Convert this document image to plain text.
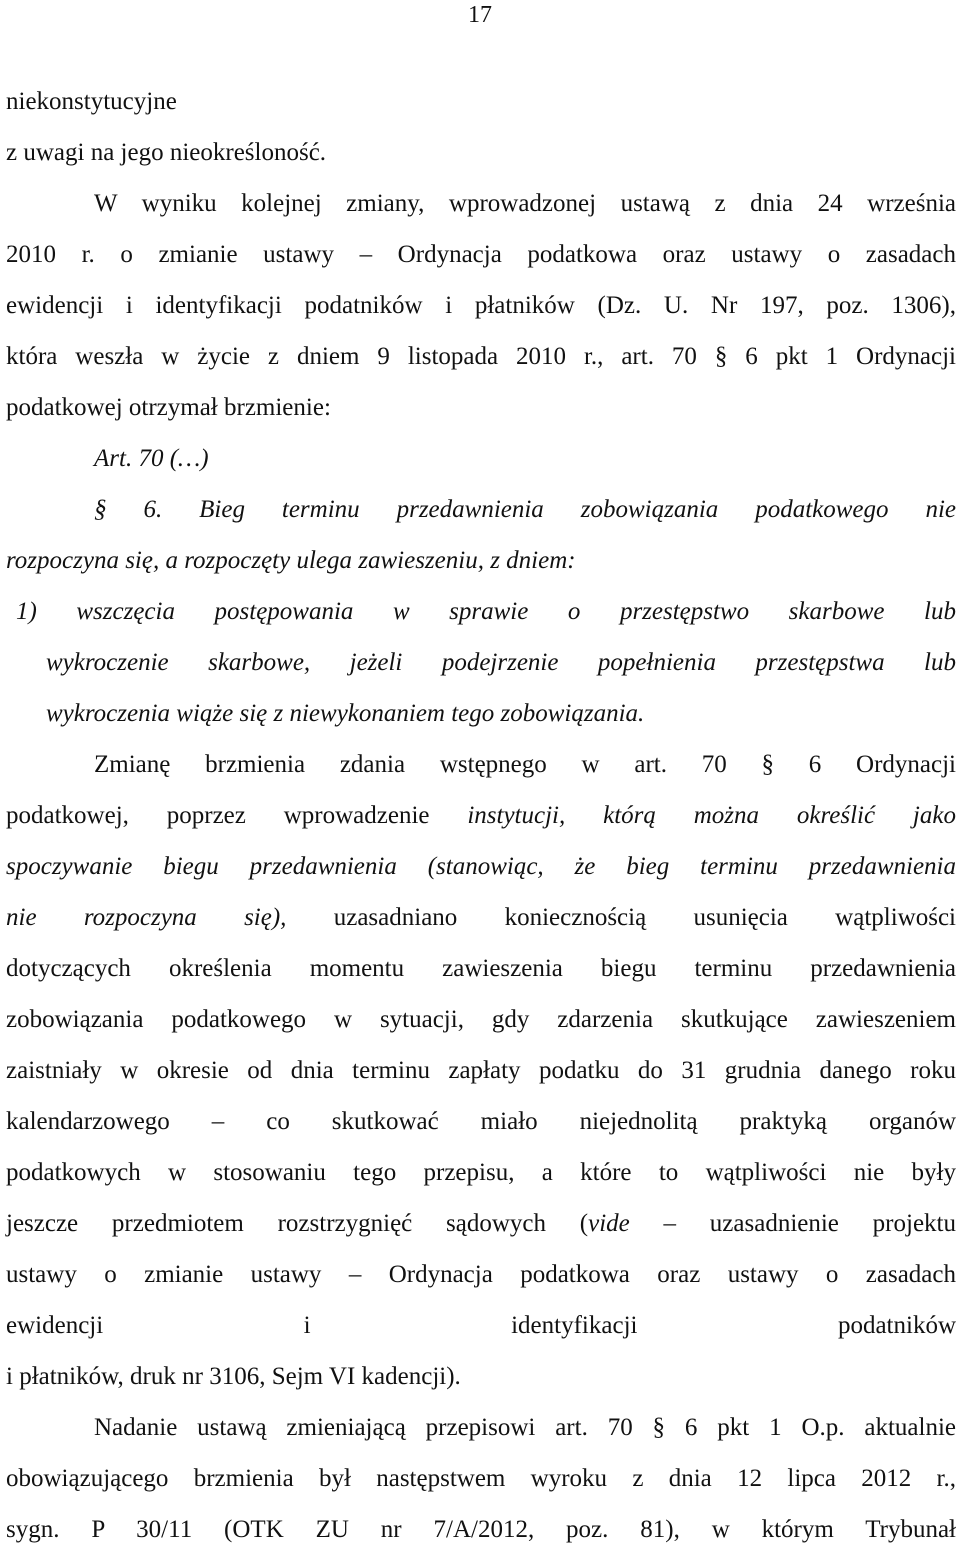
17
niekonstytucyjne
z uwagi na jego nieokreśloność.
W wyniku kolejnej zmiany, wprowadzonej ustawą z dnia 24 września
2010 r. o zmianie ustawy – Ordynacja podatkowa oraz ustawy o zasadach
ewidencji i identyfikacji podatników i płatników (Dz. U. Nr 197, poz. 1306),
która weszła w życie z dniem 9 listopada 2010 r., art. 70 § 6 pkt 1 Ordynacji
podatkowej otrzymał brzmienie:
Art. 70 (…)
§ 6. Bieg terminu przedawnienia zobowiązania podatkowego nie
rozpoczyna się, a rozpoczęty ulega zawieszeniu, z dniem:
1) wszczęcia postępowania w sprawie o przestępstwo skarbowe lub
wykroczenie skarbowe, jeżeli podejrzenie popełnienia przestępstwa lub
wykroczenia wiąże się z niewykonaniem tego zobowiązania.
Zmianę brzmienia zdania wstępnego w art. 70 § 6 Ordynacji
podatkowej, poprzez wprowadzenie instytucji, którą można określić jako
spoczywanie biegu przedawnienia (stanowiąc, że bieg terminu przedawnienia
nie rozpoczyna się), uzasadniano koniecznością usunięcia wątpliwości
dotyczących określenia momentu zawieszenia biegu terminu przedawnienia
zobowiązania podatkowego w sytuacji, gdy zdarzenia skutkujące zawieszeniem
zaistniały w okresie od dnia terminu zapłaty podatku do 31 grudnia danego roku
kalendarzowego – co skutkować miało niejednolitą praktyką organów
podatkowych w stosowaniu tego przepisu, a które to wątpliwości nie były
jeszcze przedmiotem rozstrzygnięć sądowych (vide – uzasadnienie projektu
ustawy o zmianie ustawy – Ordynacja podatkowa oraz ustawy o zasadach
ewidencji i identyfikacji podatników
i płatników, druk nr 3106, Sejm VI kadencji).
Nadanie ustawą zmieniającą przepisowi art. 70 § 6 pkt 1 O.p. aktualnie
obowiązującego brzmienia był następstwem wyroku z dnia 12 lipca 2012 r.,
sygn. P 30/11 (OTK ZU nr 7/A/2012, poz. 81), w którym Trybunał
